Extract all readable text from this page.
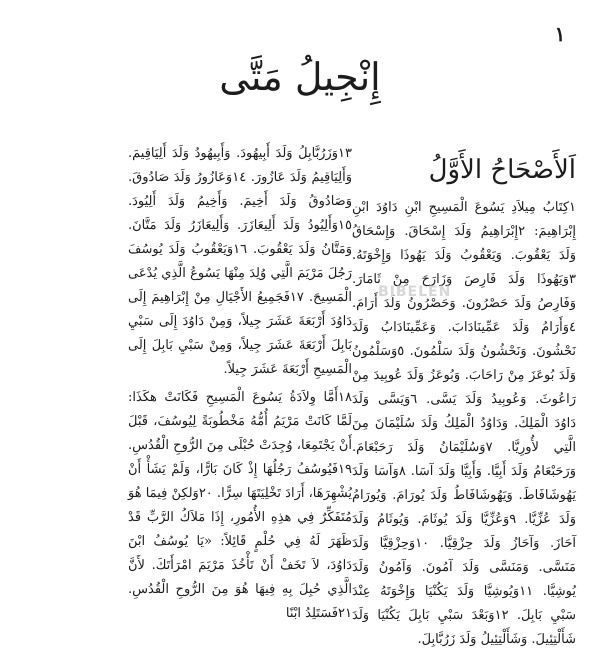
١
إِنْجِيلُ مَتَّى
اَلأَصْحَاحُ الأَوَّلُ

١كِتَابُ مِيلاَدِ يَسُوعَ الْمَسِيحِ ابْنِ دَاوُدَ ابْنِ إِبْرَاهِيمَ: ٢إِبْرَاهِيمُ وَلَدَ إِسْحَاقَ. وَإِسْحَاقُ وَلَدَ يَعْقُوبَ. وَيَعْقُوبُ وَلَدَ يَهُوذَا وَإِخْوَتَهُ. ٣وَيَهُوذَا وَلَدَ فَارِصَ وَزَارَحَ مِنْ ثَامَارَ. وَفَارِصُ وَلَدَ حَصْرُونَ. وَحَصْرُونُ وَلَدَ أَرَامَ. ٤وَأَرَامُ وَلَدَ عَمِّينَادَابَ. وَعَمِّينَادَابُ وَلَدَ نَحْشُونَ. وَنَحْشُونُ وَلَدَ سَلْمُونَ. ٥وَسَلْمُونُ وَلَدَ بُوعَزَ مِنْ رَاحَابَ. وَبُوعَزُ وَلَدَ عُوبِيدَ مِنْ رَاعُوثَ. وَعُوبِيدُ وَلَدَ يَسَّى. ٦وَيَسَّى وَلَدَ دَاوُدَ الْمَلِكَ. وَدَاوُدُ الْمَلِكُ وَلَدَ سُلَيْمَانَ مِنَ الَّتِي لأُورِيَّا. ٧وَسُلَيْمَانُ وَلَدَ رَحَبْعَامَ. وَرَحَبْعَامُ وَلَدَ أَبِيَّا. وَأَبِيَّا وَلَدَ آسَا. ٨وَآسَا وَلَدَ يَهُوشَافَاطَ. وَيَهُوشَافَاطُ وَلَدَ يُورَامَ. وَيُورَامُ وَلَدَ عُزِّيَّا. ٩وَعُزِّيَّا وَلَدَ يُوثَامَ. وَيُوثَامُ وَلَدَ آحَازَ. وَآحَازُ وَلَدَ حِزْقِيَّا. ١٠وَحِزْقِيَّا وَلَدَ مَنَسَّى. وَمَنَسَّى وَلَدَ آمُونَ. وَآمُونُ وَلَدَ يُوشِيَّا. ١١وَيُوشِيَّا وَلَدَ يَكُنْيَا وَإِخْوَتَهُ عِنْدَ سَبْيِ بَابِلَ. ١٢وَبَعْدَ سَبْيِ بَابِلَ يَكُنْيَا وَلَدَ شَأَلْتِئِيلَ. وَشَأَلْتِئِيلُ وَلَدَ زَرُبَّابِلَ.

١٣وَزَرُبَّابِلُ وَلَدَ أَبِيهُودَ. وَأَبِيهُودُ وَلَدَ أَلِيَاقِيمَ. وَأَلِيَاقِيمُ وَلَدَ عَازُورَ. ١٤وَعَازُورُ وَلَدَ صَادُوقَ. وَصَادُوقُ وَلَدَ أَخِيمَ. وَأَخِيمُ وَلَدَ أَلِيُودَ. ١٥وَأَلِيُودُ وَلَدَ أَلِيعَازَرَ. وَأَلِيعَازَرُ وَلَدَ مَتَّانَ. وَمَتَّانُ وَلَدَ يَعْقُوبَ. ١٦وَيَعْقُوبُ وَلَدَ يُوسُفَ رَجُلَ مَرْيَمَ الَّتِي وُلِدَ مِنْهَا يَسُوعُ الَّذِي يُدْعَى الْمَسِيحَ. ١٧فَجَمِيعُ الأَجْيَالِ مِنْ إِبْرَاهِيمَ إِلَى دَاوُدَ أَرْبَعَةَ عَشَرَ جِيلاً، وَمِنْ دَاوُدَ إِلَى سَبْيِ بَابِلَ أَرْبَعَةَ عَشَرَ جِيلاً، وَمِنْ سَبْيِ بَابِلَ إِلَى الْمَسِيحِ أَرْبَعَةَ عَشَرَ جِيلاً.

١٨أَمَّا وِلاَدَةُ يَسُوعَ الْمَسِيحِ فَكَانَتْ هكَذَا: لَمَّا كَانَتْ مَرْيَمُ أُمُّهُ مَخْطُوبَةً لِيُوسُفَ، قَبْلَ أَنْ يَجْتَمِعَا، وُجِدَتْ حُبْلَى مِنَ الرُّوحِ الْقُدُسِ. ١٩فَيُوسُفُ رَجُلُهَا إِذْ كَانَ بَارًّا، وَلَمْ يَشَأْ أَنْ يُشْهِرَهَا، أَرَادَ تَخْلِيَتَهَا سِرًّا. ٢٠وَلكِنْ فِيمَا هُوَ مُتَفَكِّرٌ فِي هذِهِ الأُمُورِ، إِذَا مَلاَكُ الرَّبِّ قَدْ ظَهَرَ لَهُ فِي حُلْمٍ قَائِلاً: «يَا يُوسُفُ ابْنَ دَاوُدَ، لاَ تَخَفْ أَنْ تَأْخُذَ مَرْيَمَ امْرَأَتَكَ. لأَنَّ الَّذِي حُبِلَ بِهِ فِيهَا هُوَ مِنَ الرُّوحِ الْقُدُسِ. ٢١فَسَتَلِدُ ابْنًا

BIBELEN
